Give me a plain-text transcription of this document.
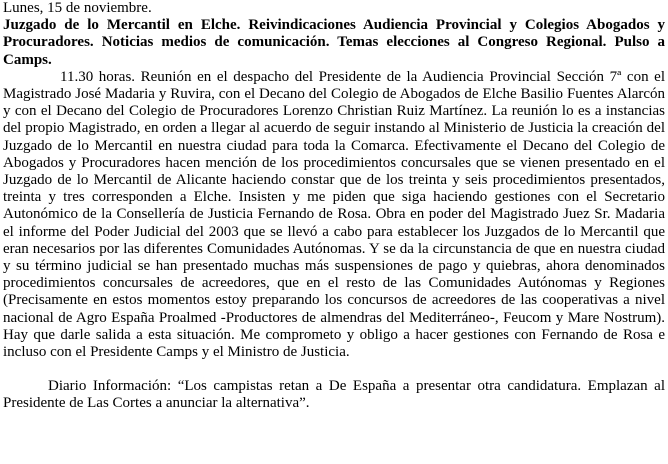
Lunes, 15 de noviembre.

Juzgado de lo Mercantil en Elche. Reivindicaciones Audiencia Provincial y Colegios Abogados y Procuradores. Noticias medios de comunicación. Temas elecciones al Congreso Regional. Pulso a Camps.

11.30 horas. Reunión en el despacho del Presidente de la Audiencia Provincial Sección 7ª con el Magistrado José Madaria y Ruvira, con el Decano del Colegio de Abogados de Elche Basilio Fuentes Alarcón y con el Decano del Colegio de Procuradores Lorenzo Christian Ruiz Martínez. La reunión lo es a instancias del propio Magistrado, en orden a llegar al acuerdo de seguir instando al Ministerio de Justicia la creación del Juzgado de lo Mercantil en nuestra ciudad para toda la Comarca. Efectivamente el Decano del Colegio de Abogados y Procuradores hacen mención de los procedimientos concursales que se vienen presentado en el Juzgado de lo Mercantil de Alicante haciendo constar que de los treinta y seis procedimientos presentados, treinta y tres corresponden a Elche. Insisten y me piden que siga haciendo gestiones con el Secretario Autonómico de la Consellería de Justicia Fernando de Rosa. Obra en poder del Magistrado Juez Sr. Madaria el informe del Poder Judicial del 2003 que se llevó a cabo para establecer los Juzgados de lo Mercantil que eran necesarios por las diferentes Comunidades Autónomas. Y se da la circunstancia de que en nuestra ciudad y su término judicial se han presentado muchas más suspensiones de pago y quiebras, ahora denominados procedimientos concursales de acreedores, que en el resto de las Comunidades Autónomas y Regiones (Precisamente en estos momentos estoy preparando los concursos de acreedores de las cooperativas a nivel nacional de Agro España Proalmed -Productores de almendras del Mediterráneo-, Feucom y Mare Nostrum). Hay que darle salida a esta situación. Me comprometo y obligo a hacer gestiones con Fernando de Rosa e incluso con el Presidente Camps y el Ministro de Justicia.

Diario Información: “Los campistas retan a De España a presentar otra candidatura. Emplazan al Presidente de Las Cortes a anunciar la alternativa”.
